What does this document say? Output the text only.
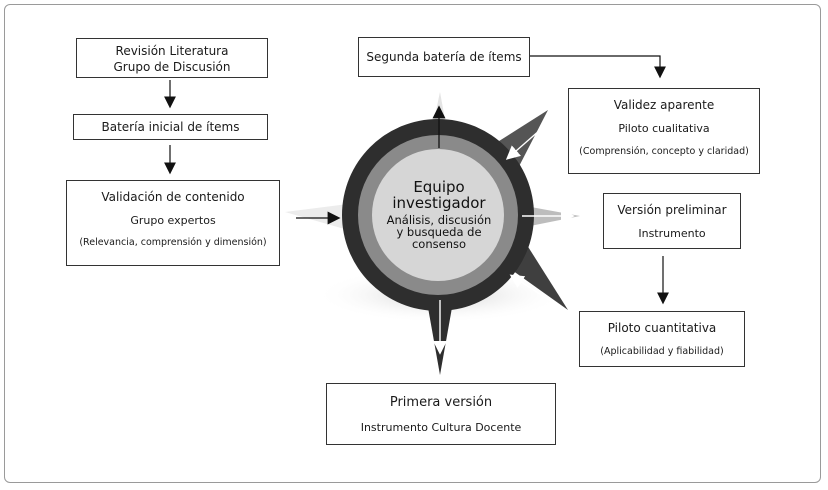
Revisión Literatura
Grupo de Discusión
Batería inicial de ítems
Validación de contenido
Grupo expertos
(Relevancia, comprensión y dimensión)
Segunda batería de ítems
Validez aparente
Piloto cualitativa
(Comprensión, concepto y claridad)
Versión preliminar
Instrumento
Piloto cuantitativa
(Aplicabilidad y fiabilidad)
Primera versión
Instrumento Cultura Docente
Equipo
investigador
Análisis, discusión
y busqueda de
consenso
